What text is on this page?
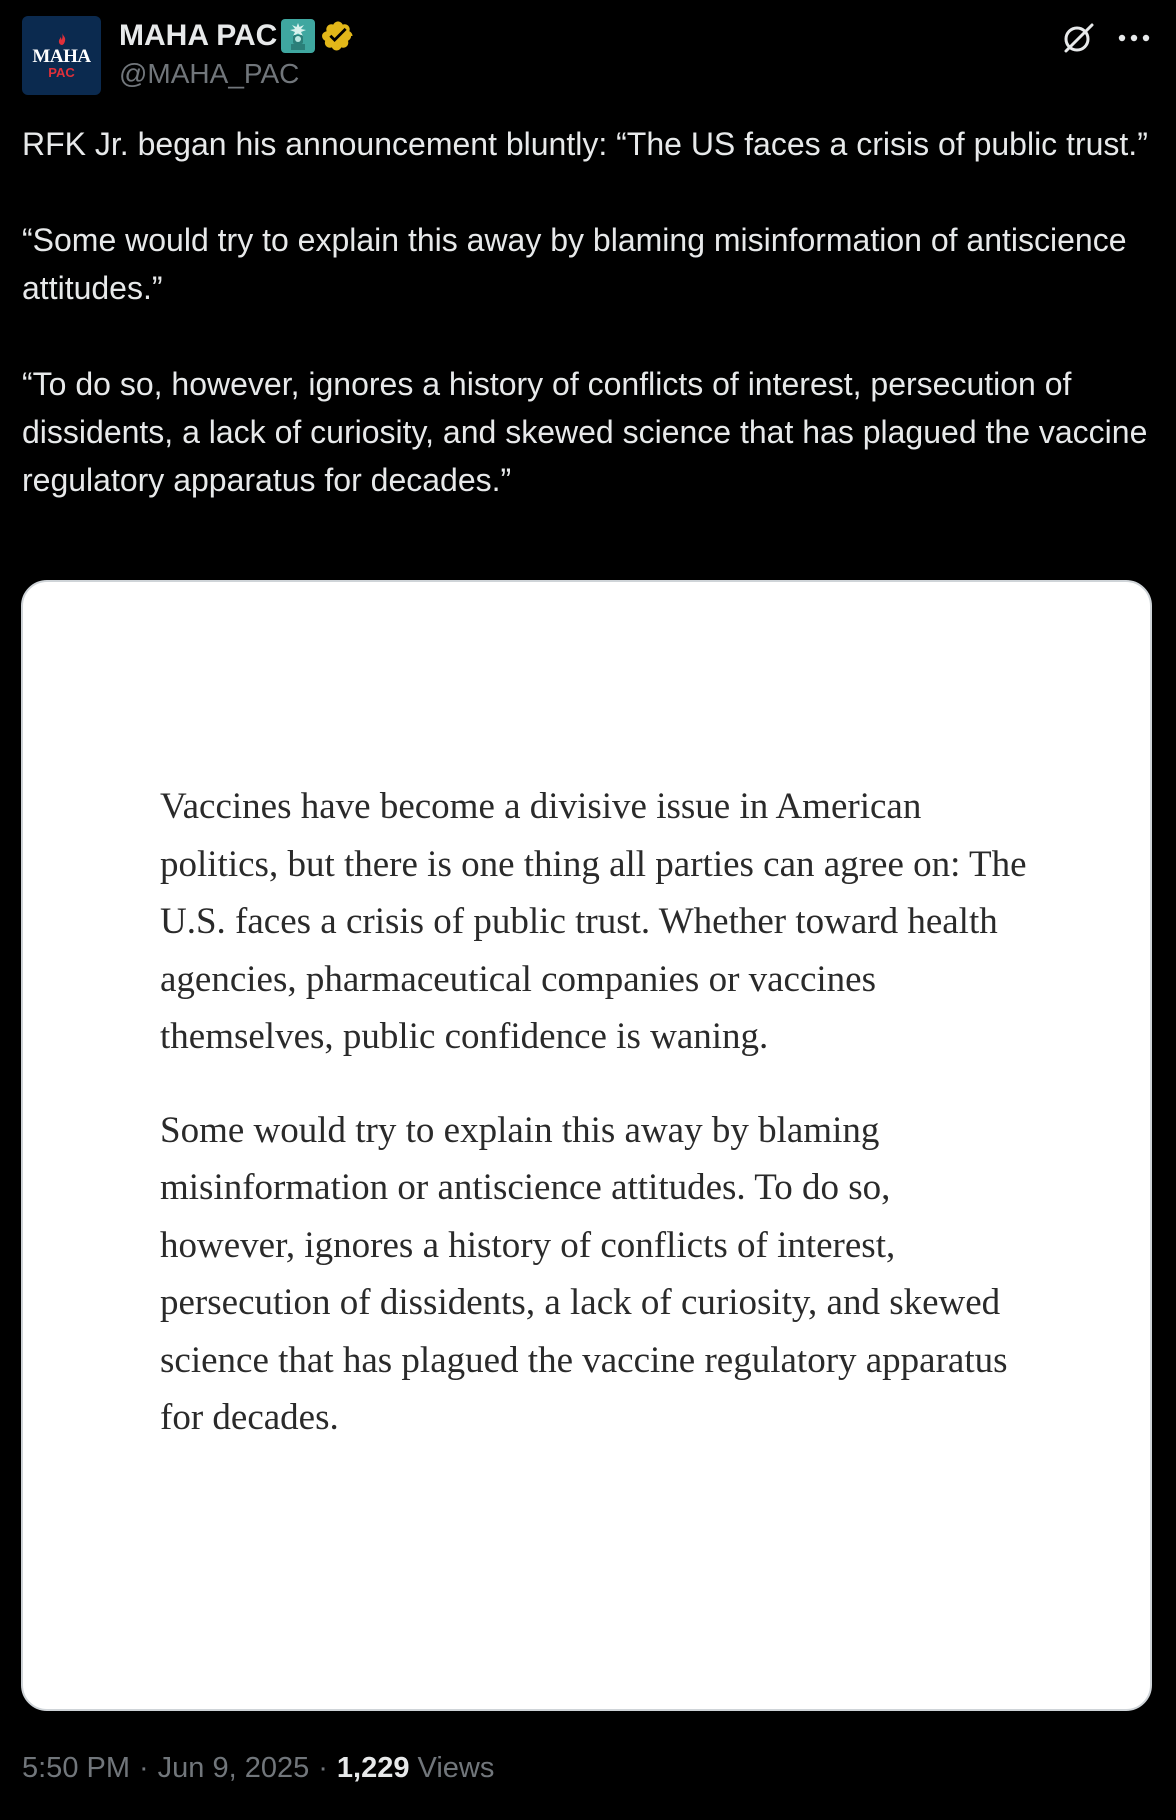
MAHA
PAC
MAHA PAC
@MAHA_PAC

RFK Jr. began his announcement bluntly: “The US faces a crisis of public trust.”

“Some would try to explain this away by blaming misinformation of antiscience attitudes.”

“To do so, however, ignores a history of conflicts of interest, persecution of dissidents, a lack of curiosity, and skewed science that has plagued the vaccine regulatory apparatus for decades.”

Vaccines have become a divisive issue in American politics, but there is one thing all parties can agree on: The U.S. faces a crisis of public trust. Whether toward health agencies, pharmaceutical companies or vaccines themselves, public confidence is waning.

Some would try to explain this away by blaming misinformation or antiscience attitudes. To do so, however, ignores a history of conflicts of interest, persecution of dissidents, a lack of curiosity, and skewed science that has plagued the vaccine regulatory apparatus for decades.

5:50 PM · Jun 9, 2025 · 1,229 Views
